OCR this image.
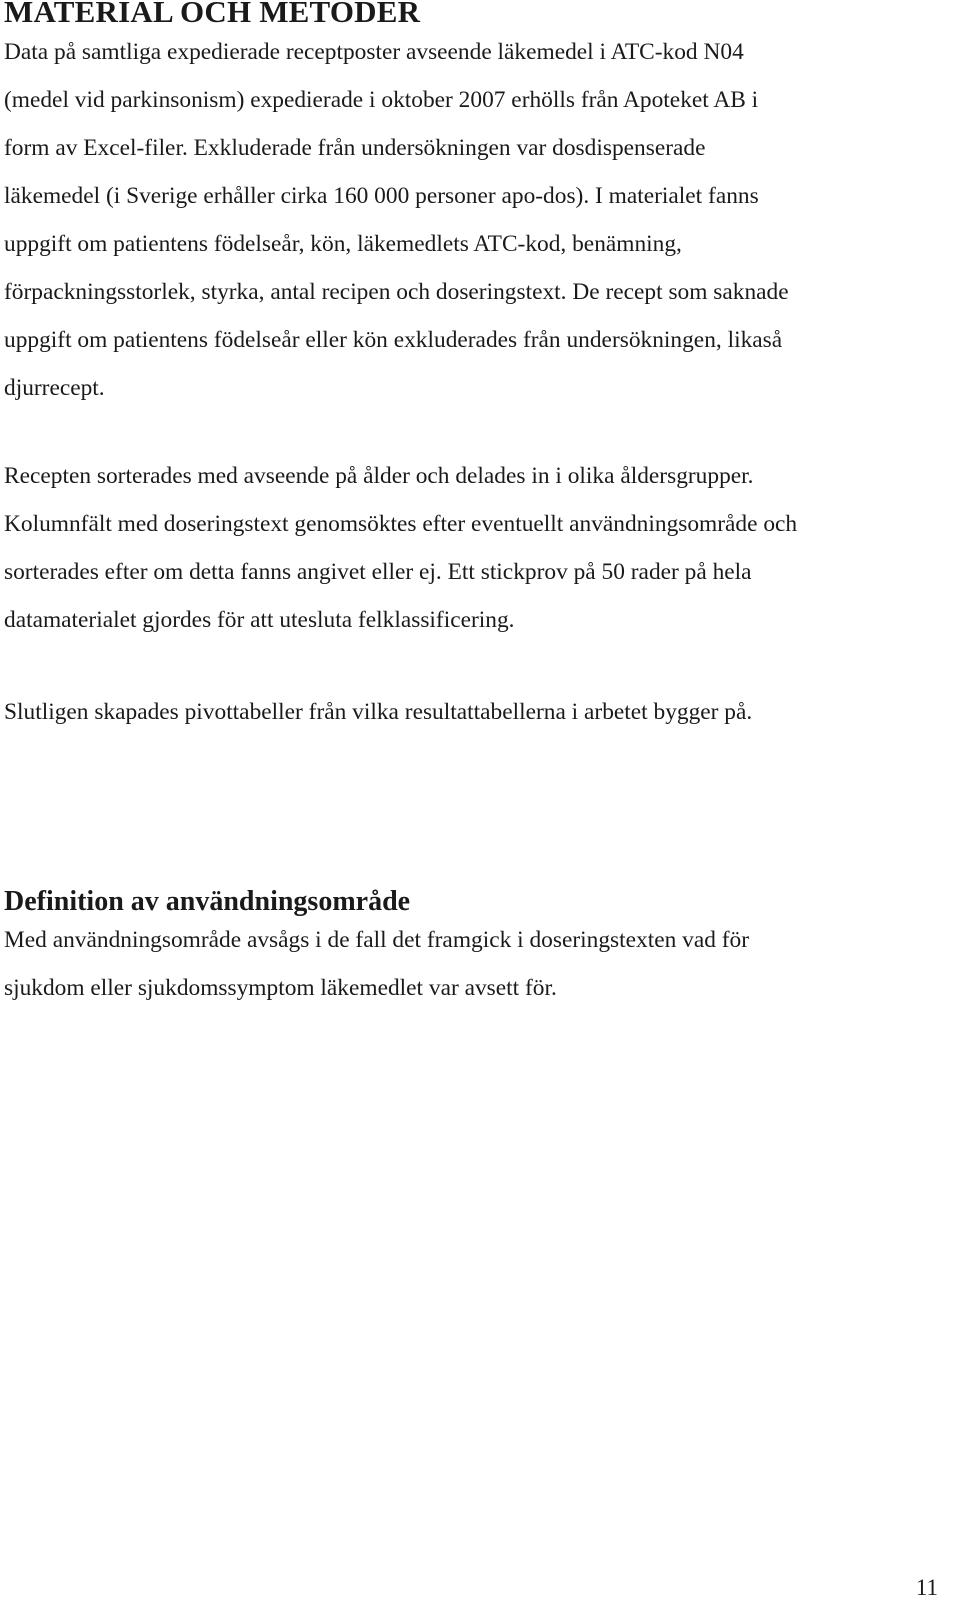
MATERIAL OCH METODER

Data på samtliga expedierade receptposter avseende läkemedel i ATC-kod N04
(medel vid parkinsonism) expedierade i oktober 2007 erhölls från Apoteket AB i
form av Excel-filer. Exkluderade från undersökningen var dosdispenserade
läkemedel (i Sverige erhåller cirka 160 000 personer apo-dos). I materialet fanns
uppgift om patientens födelseår, kön, läkemedlets ATC-kod, benämning,
förpackningsstorlek, styrka, antal recipen och doseringstext. De recept som saknade
uppgift om patientens födelseår eller kön exkluderades från undersökningen, likaså
djurrecept.

Recepten sorterades med avseende på ålder och delades in i olika åldersgrupper.
Kolumnfält med doseringstext genomsöktes efter eventuellt användningsområde och
sorterades efter om detta fanns angivet eller ej. Ett stickprov på 50 rader på hela
datamaterialet gjordes för att utesluta felklassificering.

Slutligen skapades pivottabeller från vilka resultattabellerna i arbetet bygger på.

Definition av användningsområde

Med användningsområde avsågs i de fall det framgick i doseringstexten vad för
sjukdom eller sjukdomssymptom läkemedlet var avsett för.

11
